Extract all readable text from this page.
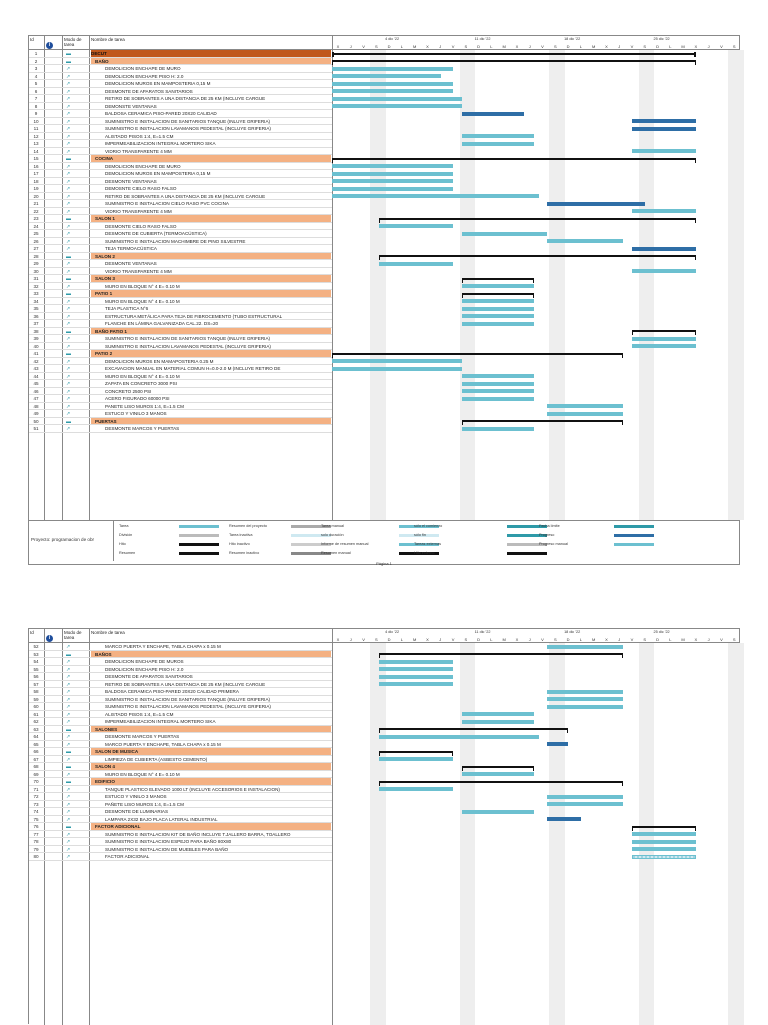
Id
i
Modo de tarea
Nombre de tarea	4 dic '22	11 dic '22	18 dic '22	25 dic '22
X	J	V	S	D	L	M	X	J	V	S	D	L	M	X	J	V	S	D	L	M	X	J	V	S	D	L	M	X	J	V	S
1	▬	DECUT
2	▬	BAÑO
3	↗	DEMOLICION ENCHAPE DE MURO
4	↗	DEMOLICION ENCHAPE PISO H: 2.0
5	↗	DEMOLICION MUROS EN MAMPOSTERIA 0,15 M
6	↗	DESMONTE DE APARATOS SANITARIOS
7	↗	RETIRO DE SOBRANTES A UNA DISTANCIA DE 25 KM (INCLUYE CARGUE
8	↗	DEMONSTE VENTANAS
9	↗	BALDOSA CERAMICA PISO-PARED 20X20 CALIDAD
10	↗	SUMINISTRO E INSTALACION DE SANITARIOS TANQUE (INLUYE GRIFERIA)
11	↗	SUMINISTRO E INSTALACION LAVAMANOS PEDESTAL (INCLUYE GRIFERIA)
12	↗	ALISTADO PISOS 1:4, E=1.5 CM
13	↗	IMPERMEABILIZACION INTEGRAL MORTERO SIKA
14	↗	VIDRIO TRANSPARENTE 4 MM
15	▬	COCINA
16	↗	DEMOLICION ENCHAPE DE MURO
17	↗	DEMOLICION MUROS EN MAMPOSTERIA 0,15 M
18	↗	DESMONTE VENTANAS
19	↗	DEMOSNTE CIELO RASO FALSO
20	↗	RETIRO DE SOBRANTES A UNA DISTANCIA DE 25 KM (INCLUYE CARGUE
21	↗	SUMINISTRO E INSTALACION CIELO RASO PVC COCINA
22	↗	VIDRIO TRANSPARENTE 4 MM
23	▬	SALON 1
24	↗	DESMONTE CIELO RASO FALSO
25	↗	DESMONTE DE CUBIERTA (TERMOACÚSTICA)
26	↗	SUMINISTRO E INSTALACION MACHIMBRE DE PINO SILVESTRE
27	↗	TEJA TERMOACÚSTICA
28	▬	SALON 2
29	↗	DESMONTE VENTANAS
30	↗	VIDRIO TRANSPARENTE 4 MM
31	▬	SALON 3
32	↗	MURO EN BLOQUE N° 4 E= 0.10 M
33	▬	PATIO 1
34	↗	MURO EN BLOQUE N° 4 E= 0.10 M
35	↗	TEJA PLASTICA N°6
36	↗	ESTRUCTURA METÁLICA PARA TEJA DE FIBROCEMENTO (TUBO ESTRUCTURAL
37	↗	FLANCHE EN LÁMINA GALVANIZADA CAL.22. DS=20
38	▬	BAÑO PATIO 1
39	↗	SUMINISTRO E INSTALACION DE SANITARIOS TANQUE (INLUYE GRIFERIA)
40	↗	SUMINISTRO E INSTALACION LAVAMANOS PEDESTAL (INCLUYE GRIFERIA)
41	▬	PATIO 2
42	↗	DEMOLICION MUROS EN MAMAPOSTERIA 0.25 M
43	↗	EXCAVACION MANUAL EN MATERIAL COMUN H=0.0-2.0 M (INCLUYE RETIRO DE
44	↗	MURO EN BLOQUE N° 4 E= 0.10 M
45	↗	ZAPATA EN CONCRETO 3000 PSI
46	↗	CONCRETO 2500 PSI
47	↗	ACERO FIGURADO 60000 PSI
48	↗	PANETE LISO MUROS 1:4, E=1.5 CM
49	↗	ESTUCO Y VINILO 3 MANOS
50	▬	PUERTAS
51	↗	DESMONTE MARCOS Y PUERTAS
Proyecto: programacion de obr
Tarea	Resumen del proyecto	Tarea manual	sólo el comienzo	Fecha límite
División	Tarea inactiva	solo duración	sólo fin	Progreso
Hito	Hito inactivo	Informe de resumen manual	Tareas externas	Progreso manual
Resumen	Resumen inactivo	Resumen manual	Hito externo
Página 1
Id
i
Modo de tarea
Nombre de tarea	4 dic '22	11 dic '22	18 dic '22	25 dic '22
X	J	V	S	D	L	M	X	J	V	S	D	L	M	X	J	V	S	D	L	M	X	J	V	S	D	L	M	X	J	V	S
52	↗	MARCO PUERTA Y ENCHAPE, TABLA CHAPA x 0.15 M
53	▬	BAÑOS
54	↗	DEMOLICION ENCHAPE DE MUROS
55	↗	DEMOLICION ENCHAPE PISO H: 2.0
56	↗	DESMONTE DE APARATOS SANITARIOS
57	↗	RETIRO DE SOBRANTES A UNA DISTANCIA DE 25 KM (INCLUYE CARGUE
58	↗	BALDOSA CERAMICA PISO-PARED 20X20 CALIDAD PRIMERA
59	↗	SUMINISTRO E INSTALACION DE SANITARIOS TANQUE (INLUYE GRIFERIA)
60	↗	SUMINISTRO E INSTALACION LAVAMANOS PEDESTAL (INCLUYE GRIFERIA)
61	↗	ALISTADO PISOS 1:4, E=1.5 CM
62	↗	IMPERMEABILIZACION INTEGRAL MORTERO SIKA
63	▬	SALONES
64	↗	DESMONTE MARCOS Y PUERTAS
65	↗	MARCO PUERTA Y ENCHAPE, TABLA CHAPA x 0.15 M
66	▬	SALON DE MUSICA
67	↗	LIMPIEZA DE CUBIERTA (ASBESTO CEMENTO)
68	▬	SALON 4
69	↗	MURO EN BLOQUE N° 4 E= 0.10 M
70	▬	EDIFICIO
71	↗	TANQUE PLASTICO ELEVADO 1000 LT (INCLUYE ACCESORIOS E INSTALACION)
72	↗	ESTUCO Y VINILO 3 MANOS
73	↗	PAÑETE LISO MUROS 1:4, E=1.5 CM
74	↗	DESMONTE DE LUMINARIAS
75	↗	LAMPARA 2X32 BAJO PLACA LATERAL INDUSTRIAL
76	▬	FACTOR ADICIONAL
77	↗	SUMINISTRO E INSTALACION KIT DE BAÑO INCLUYE T.JALLERO BARRA, TOALLERO
78	↗	SUMINISTRO E INSTALACION ESPEJO PARA BAÑO 80X80
79	↗	SUMINISTRO E INSTALACION DE MUEBLES PARA BAÑO
80	↗	FACTOR ADICIONAL
